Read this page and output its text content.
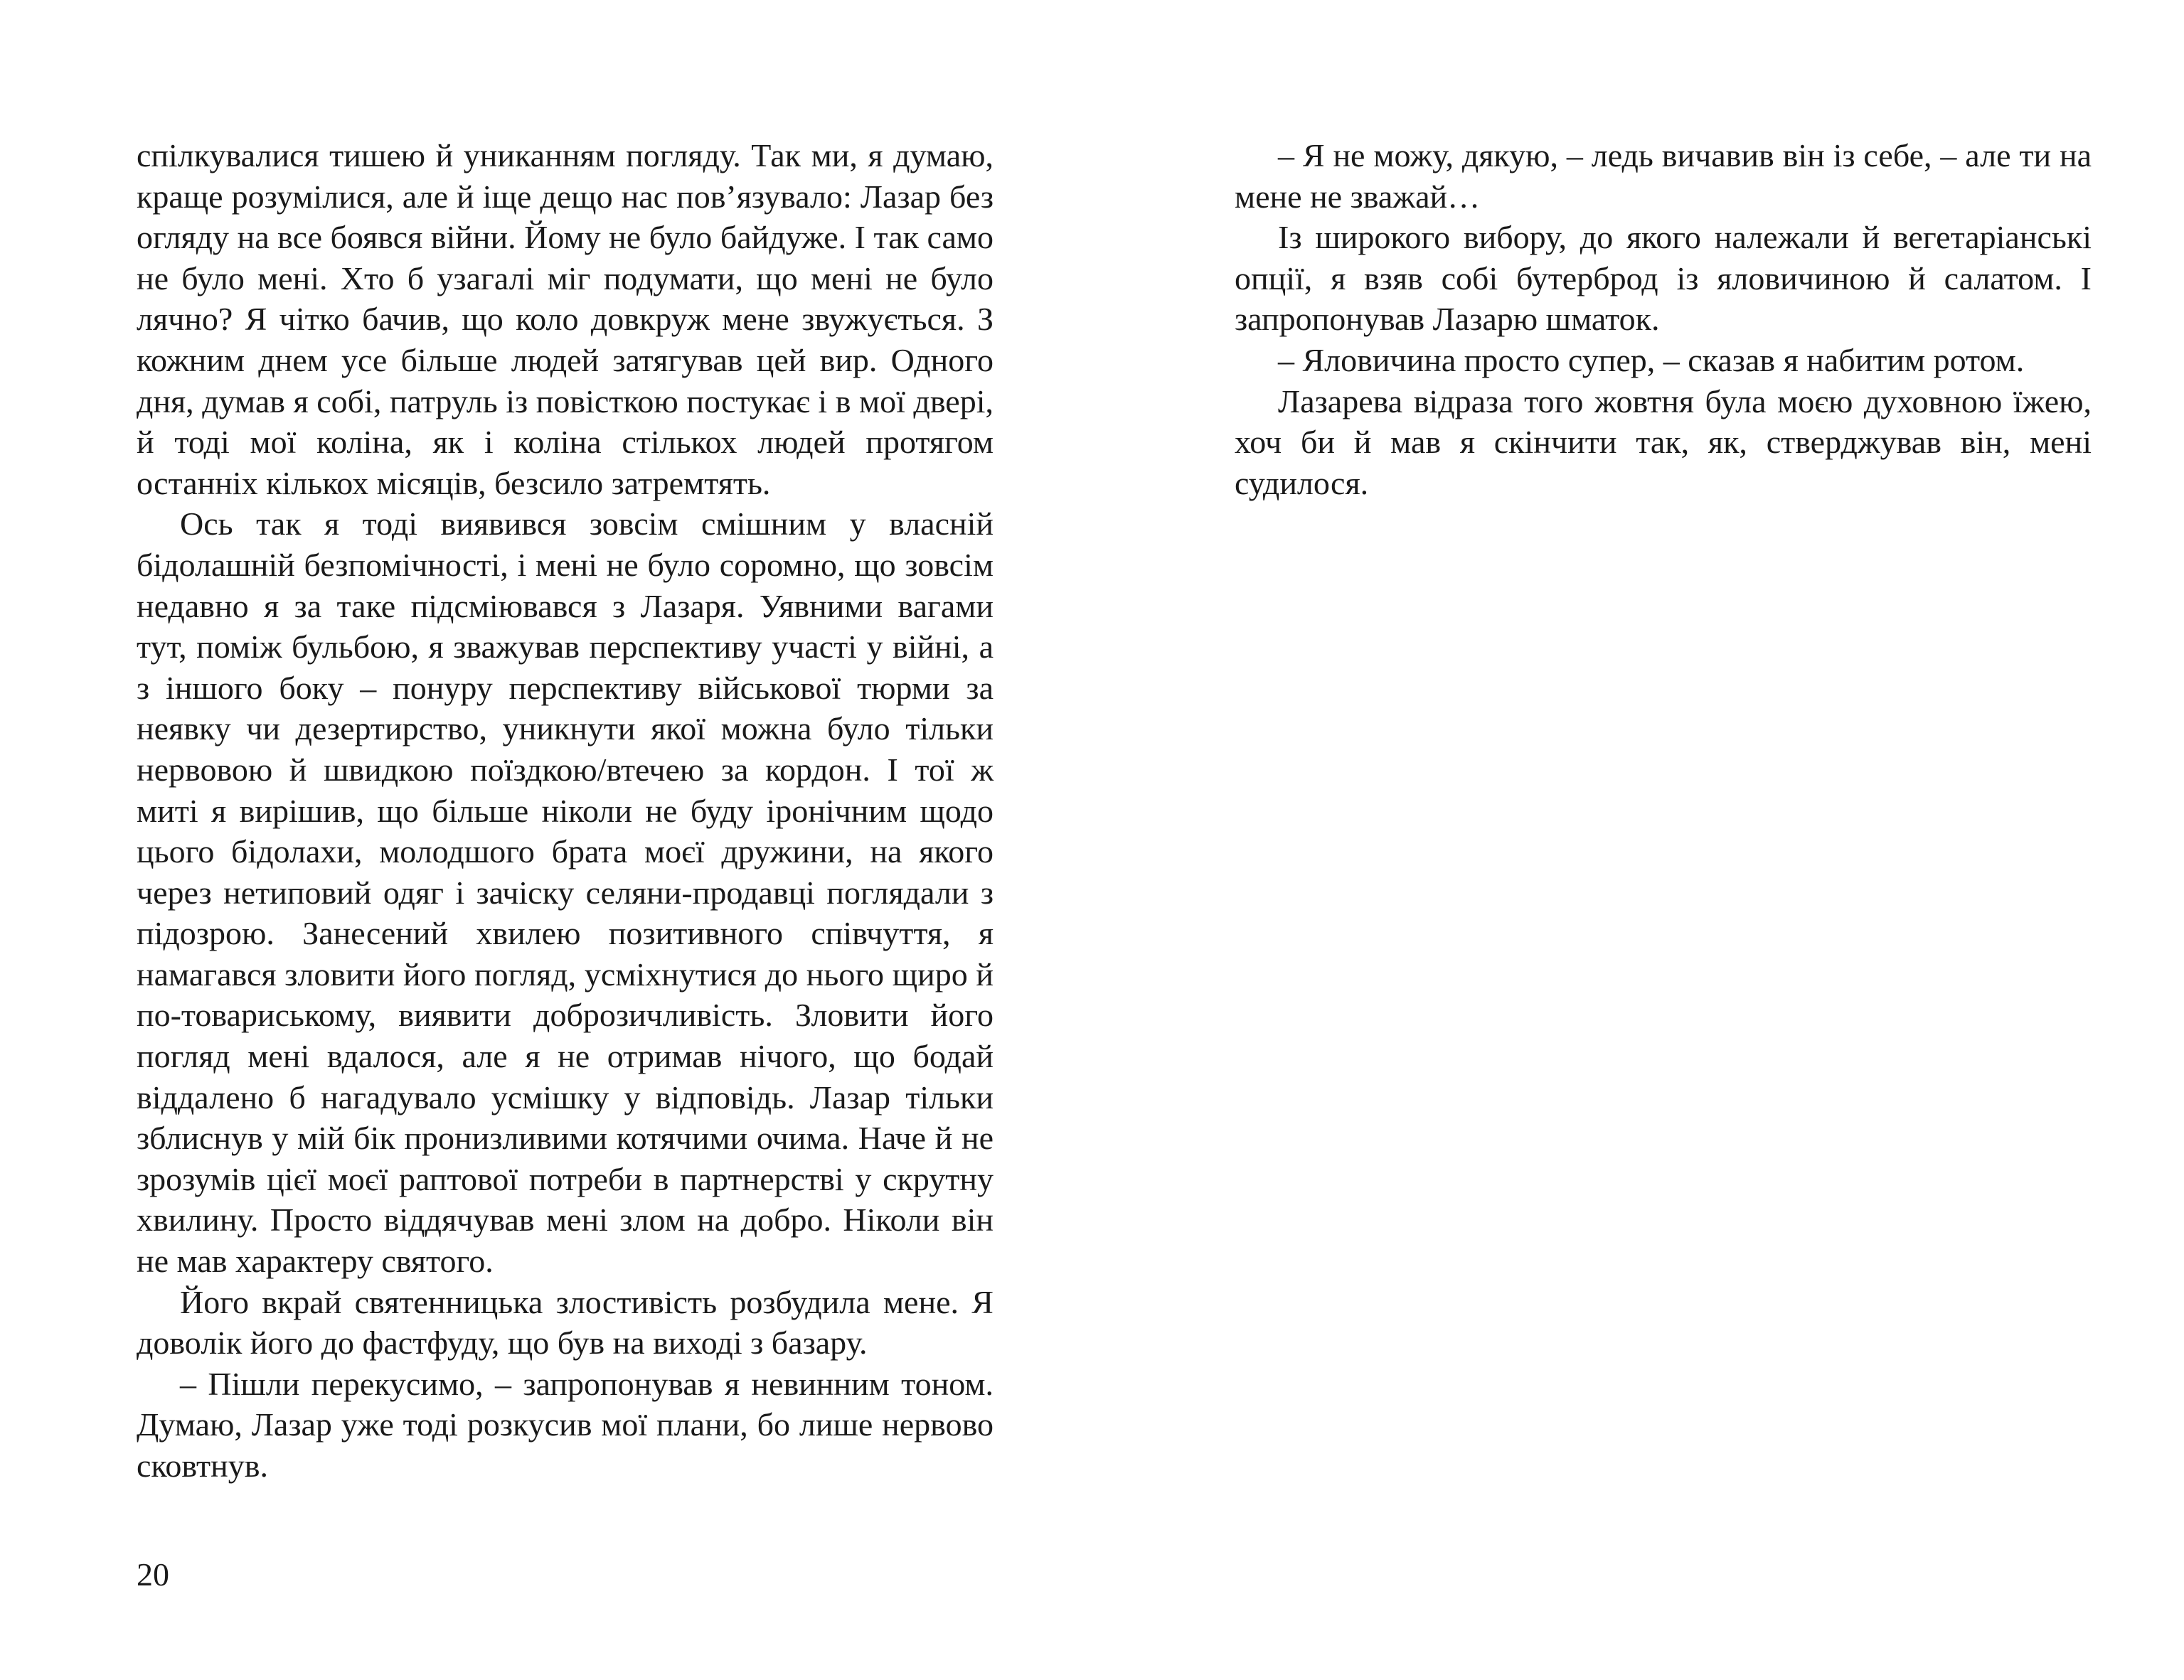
спілкувалися тишею й униканням погляду. Так ми, я думаю, краще розумілися, але й іще дещо нас пов’язувало: Лазар без огляду на все боявся війни. Йому не було байдуже. І так само не було мені. Хто б узагалі міг подумати, що мені не було лячно? Я чітко бачив, що коло довкруж мене звужується. З кожним днем усе більше людей затягував цей вир. Одного дня, думав я собі, патруль із повісткою постукає і в мої двері, й тоді мої коліна, як і коліна стількох людей протягом останніх кількох місяців, безсило затремтять.

Ось так я тоді виявився зовсім смішним у власній бідолашній безпомічності, і мені не було соромно, що зовсім недавно я за таке підсміювався з Лазаря. Уявними вагами тут, поміж бульбою, я зважував перспективу участі у війні, а з іншого боку – понуру перспективу військової тюрми за неявку чи дезертирство, уникнути якої можна було тільки нервовою й швидкою поїздкою/втечею за кордон. І тої ж миті я вирішив, що більше ніколи не буду іронічним щодо цього бідолахи, молодшого брата моєї дружини, на якого через нетиповий одяг і зачіску селяни-продавці поглядали з підозрою. Занесений хвилею позитивного співчуття, я намагався зловити його погляд, усміхнутися до нього щиро й по-товариському, виявити доброзичливість. Зловити його погляд мені вдалося, але я не отримав нічого, що бодай віддалено б нагадувало усмішку у відповідь. Лазар тільки зблиснув у мій бік пронизливими котячими очима. Наче й не зрозумів цієї моєї раптової потреби в партнерстві у скрутну хвилину. Просто віддячував мені злом на добро. Ніколи він не мав характеру святого.

Його вкрай святенницька злостивість розбудила мене. Я доволік його до фастфуду, що був на виході з базару.

– Пішли перекусимо, – запропонував я невинним тоном. Думаю, Лазар уже тоді розкусив мої плани, бо лише нервово сковтнув.

20

– Я не можу, дякую, – ледь вичавив він із себе, – але ти на мене не зважай…

Із широкого вибору, до якого належали й вегетаріанські опції, я взяв собі бутерброд із яловичиною й салатом. І запропонував Лазарю шматок.

– Яловичина просто супер, – сказав я набитим ротом.

Лазарева відраза того жовтня була моєю духовною їжею, хоч би й мав я скінчити так, як, стверджував він, мені судилося.
